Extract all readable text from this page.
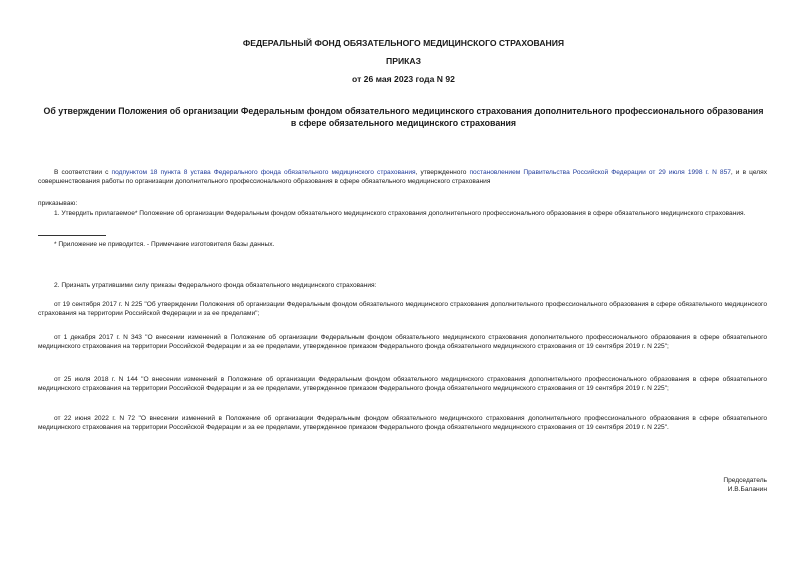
ФЕДЕРАЛЬНЫЙ ФОНД ОБЯЗАТЕЛЬНОГО МЕДИЦИНСКОГО СТРАХОВАНИЯ
ПРИКАЗ
от 26 мая 2023 года N 92
Об утверждении Положения об организации Федеральным фондом обязательного медицинского страхования дополнительного профессионального образования
в сфере обязательного медицинского страхования
В соответствии с подпунктом 18 пункта 8 устава Федерального фонда обязательного медицинского страхования, утвержденного постановлением Правительства Российской Федерации от 29 июля 1998 г. N 857, и в целях совершенствования работы по организации дополнительного профессионального образования в сфере обязательного медицинского страхования
приказываю:
1. Утвердить прилагаемое* Положение об организации Федеральным фондом обязательного медицинского страхования дополнительного профессионального образования в сфере обязательного медицинского страхования.
* Приложение не приводится. - Примечание изготовителя базы данных.
2. Признать утратившими силу приказы Федерального фонда обязательного медицинского страхования:
от 19 сентября 2017 г. N 225 "Об утверждении Положения об организации Федеральным фондом обязательного медицинского страхования дополнительного профессионального образования в сфере обязательного медицинского страхования на территории Российской Федерации и за ее пределами";
от 1 декабря 2017 г. N 343 "О внесении изменений в Положение об организации Федеральным фондом обязательного медицинского страхования дополнительного профессионального образования в сфере обязательного медицинского страхования на территории Российской Федерации и за ее пределами, утвержденное приказом Федерального фонда обязательного медицинского страхования от 19 сентября 2019 г. N 225";
от 25 июля 2018 г. N 144 "О внесении изменений в Положение об организации Федеральным фондом обязательного медицинского страхования дополнительного профессионального образования в сфере обязательного медицинского страхования на территории Российской Федерации и за ее пределами, утвержденное приказом Федерального фонда обязательного медицинского страхования от 19 сентября 2019 г. N 225";
от 22 июня 2022 г. N 72 "О внесении изменений в Положение об организации Федеральным фондом обязательного медицинского страхования дополнительного профессионального образования в сфере обязательного медицинского страхования на территории Российской Федерации и за ее пределами, утвержденное приказом Федерального фонда обязательного медицинского страхования от 19 сентября 2019 г. N 225".
Председатель
И.В.Баланин
